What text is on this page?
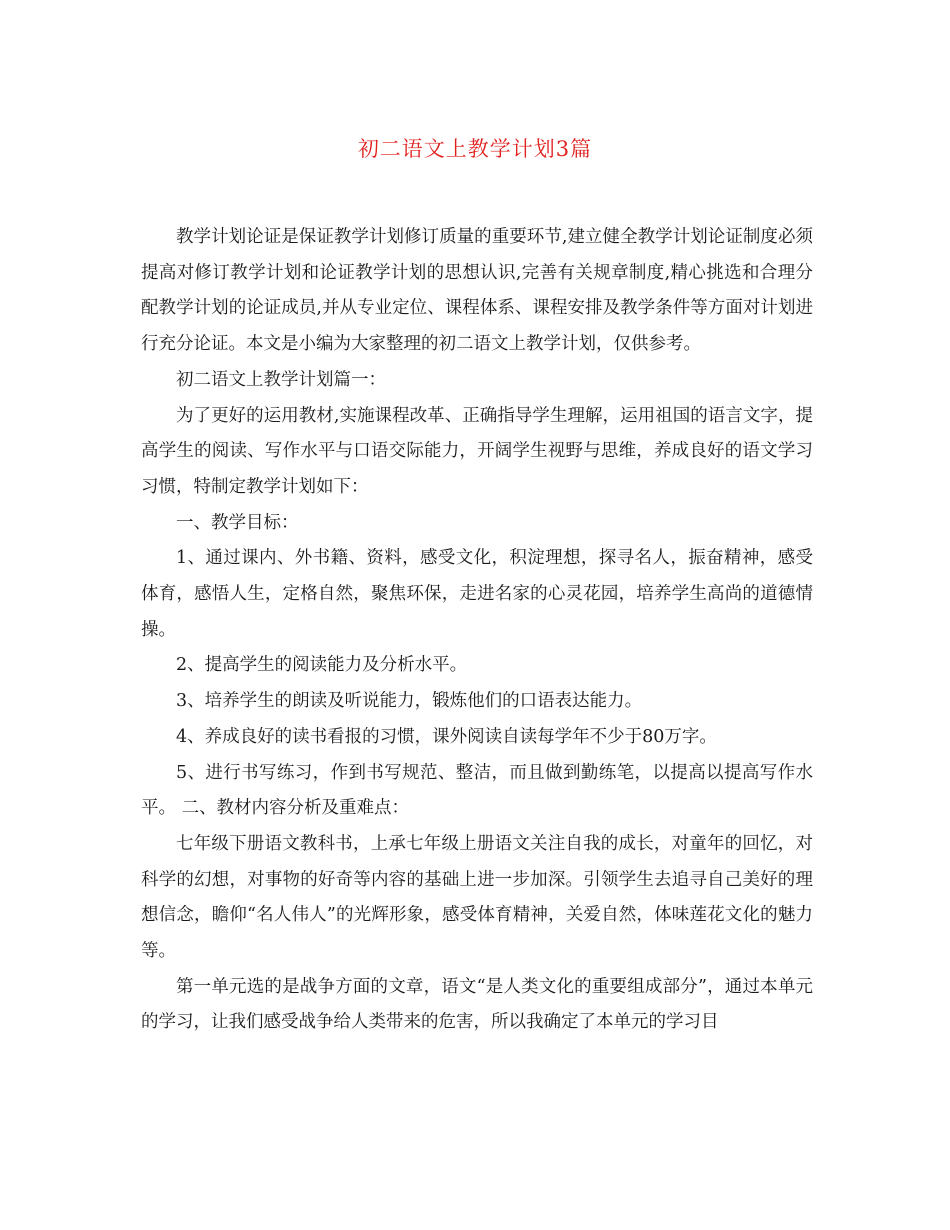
初二语文上教学计划3篇

教学计划论证是保证教学计划修订质量的重要环节,建立健全教学计划论证制度必须提高对修订教学计划和论证教学计划的思想认识,完善有关规章制度,精心挑选和合理分配教学计划的论证成员,并从专业定位、课程体系、课程安排及教学条件等方面对计划进行充分论证。本文是小编为大家整理的初二语文上教学计划，仅供参考。

初二语文上教学计划篇一：

为了更好的运用教材,实施课程改革、正确指导学生理解，运用祖国的语言文字，提高学生的阅读、写作水平与口语交际能力，开阔学生视野与思维，养成良好的语文学习习惯，特制定教学计划如下：

一、教学目标：

1、通过课内、外书籍、资料，感受文化，积淀理想，探寻名人，振奋精神，感受体育，感悟人生，定格自然，聚焦环保，走进名家的心灵花园，培养学生高尚的道德情操。

2、提高学生的阅读能力及分析水平。

3、培养学生的朗读及听说能力，锻炼他们的口语表达能力。

4、养成良好的读书看报的习惯，课外阅读自读每学年不少于80万字。

5、进行书写练习，作到书写规范、整洁，而且做到勤练笔，以提高以提高写作水平。 二、教材内容分析及重难点：

七年级下册语文教科书，上承七年级上册语文关注自我的成长，对童年的回忆，对科学的幻想，对事物的好奇等内容的基础上进一步加深。引领学生去追寻自己美好的理想信念，瞻仰“名人伟人”的光辉形象，感受体育精神，关爱自然，体味莲花文化的魅力等。

第一单元选的是战争方面的文章，语文“是人类文化的重要组成部分”，通过本单元的学习，让我们感受战争给人类带来的危害，所以我确定了本单元的学习目
